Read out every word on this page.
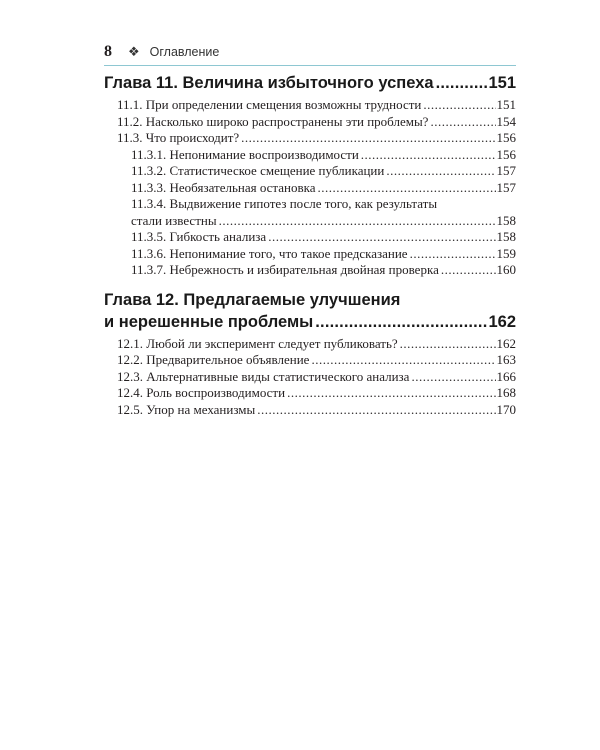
8	❖ Оглавление
Глава 11. Величина избыточного успеха .....	151
11.1. При определении смещения возможны трудности .....	151
11.2. Насколько широко распространены эти проблемы? .....	154
11.3. Что происходит? .....	156
11.3.1. Непонимание воспроизводимости .....	156
11.3.2. Статистическое смещение публикации .....	157
11.3.3. Необязательная остановка .....	157
11.3.4. Выдвижение гипотез после того, как результаты
стали известны .....	158
11.3.5. Гибкость анализа .....	158
11.3.6. Непонимание того, что такое предсказание .....	159
11.3.7. Небрежность и избирательная двойная проверка .....	160
Глава 12. Предлагаемые улучшения
и нерешенные проблемы .....	162
12.1. Любой ли эксперимент следует публиковать? .....	162
12.2. Предварительное объявление .....	163
12.3. Альтернативные виды статистического анализа .....	166
12.4. Роль воспроизводимости .....	168
12.5. Упор на механизмы .....	170
